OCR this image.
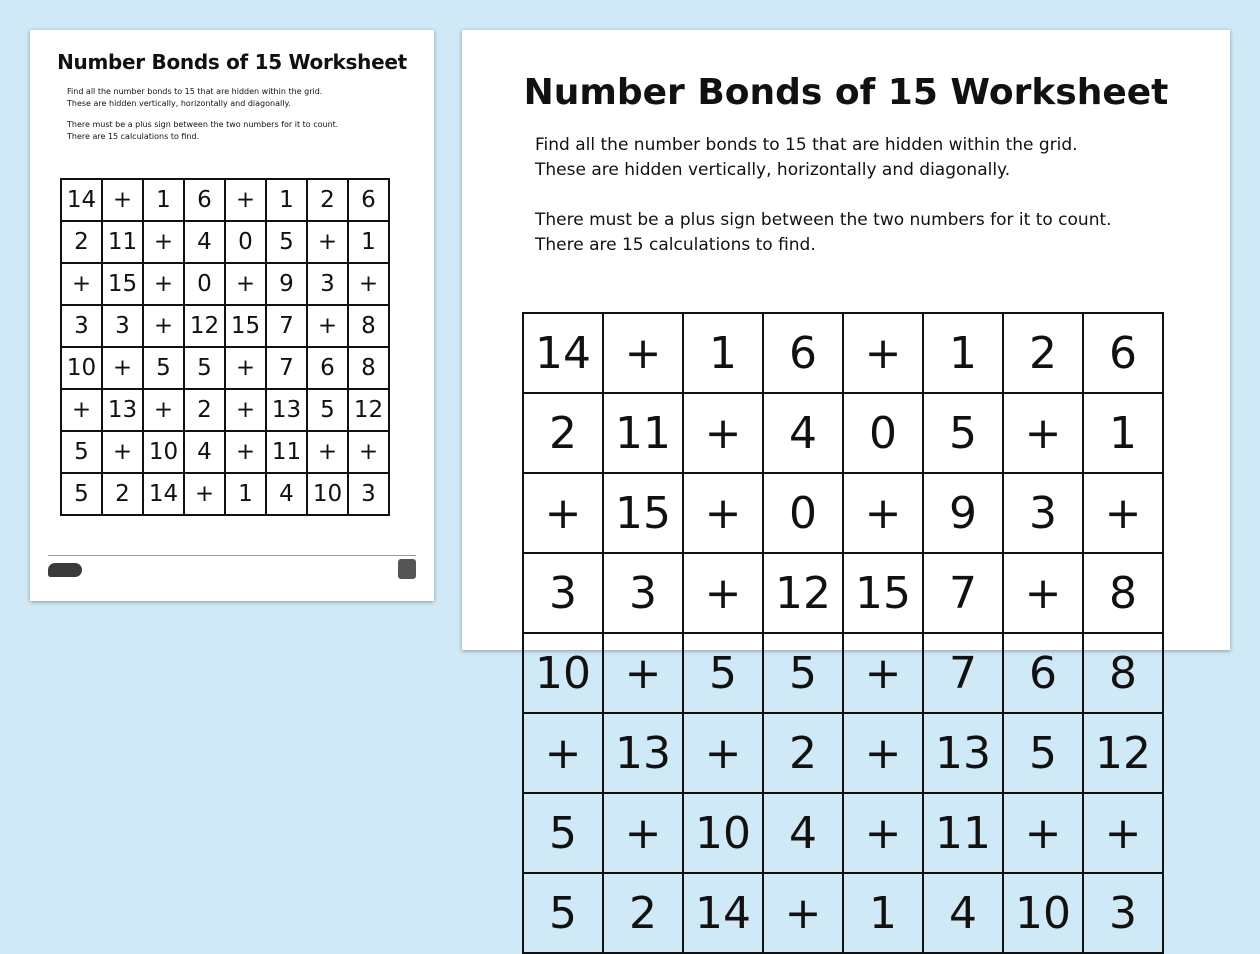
Number Bonds of 15 Worksheet

Find all the number bonds to 15 that are hidden within the grid.

These are hidden vertically, horizontally and diagonally.

There must be a plus sign between the two numbers for it to count.

There are 15 calculations to find.

14	+	1	6	+	1	2	6
2	11	+	4	0	5	+	1
+	15	+	0	+	9	3	+
3	3	+	12	15	7	+	8
10	+	5	5	+	7	6	8
+	13	+	2	+	13	5	12
5	+	10	4	+	11	+	+
5	2	14	+	1	4	10	3
Number Bonds of 15 Worksheet

Find all the number bonds to 15 that are hidden within the grid.

These are hidden vertically, horizontally and diagonally.

There must be a plus sign between the two numbers for it to count.

There are 15 calculations to find.

14	+	1	6	+	1	2	6
2	11	+	4	0	5	+	1
+	15	+	0	+	9	3	+
3	3	+	12	15	7	+	8
10	+	5	5	+	7	6	8
+	13	+	2	+	13	5	12
5	+	10	4	+	11	+	+
5	2	14	+	1	4	10	3
